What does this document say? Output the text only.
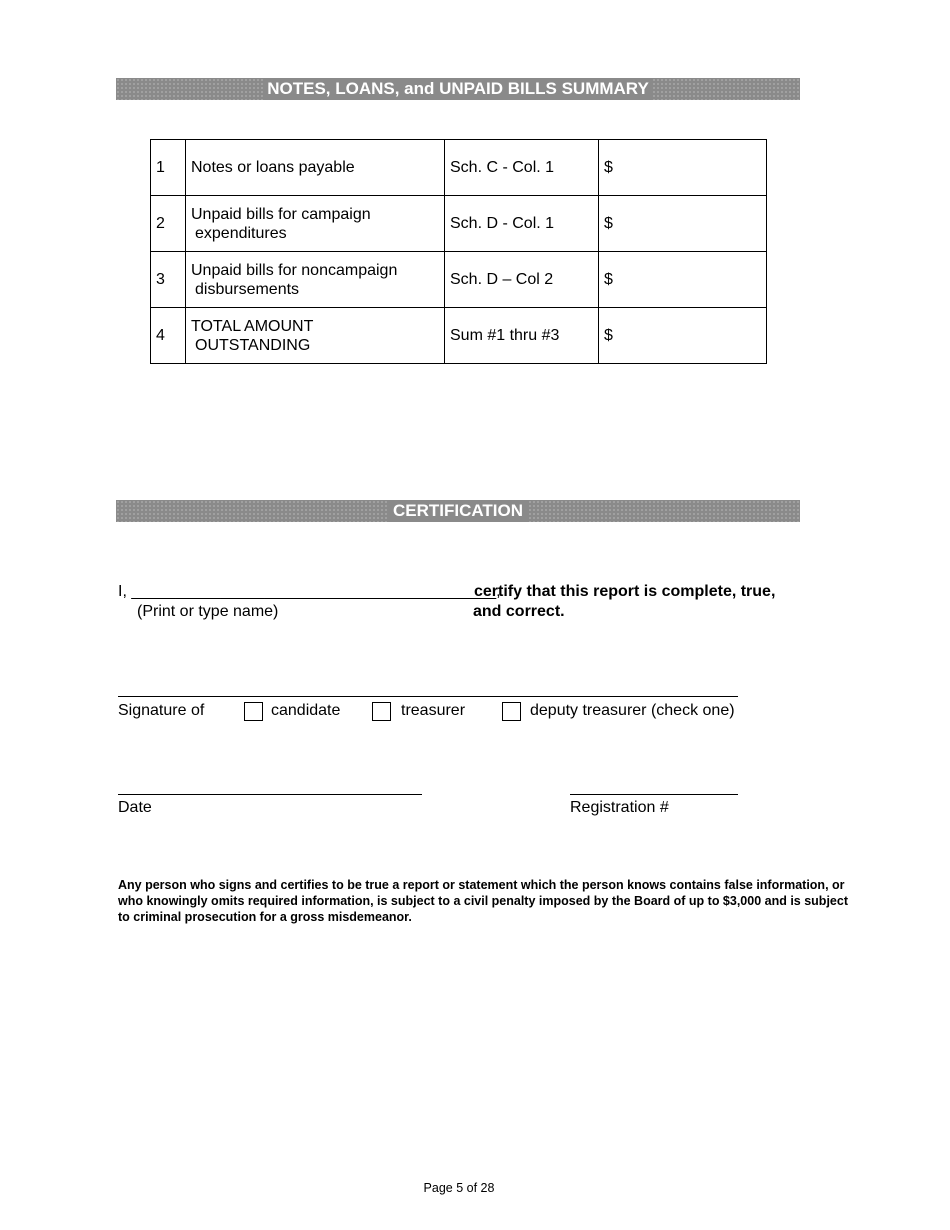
NOTES, LOANS, and UNPAID BILLS SUMMARY
1	Notes or loans payable	Sch. C - Col. 1	$
2	Unpaid bills for campaign
expenditures	Sch. D - Col. 1	$
3	Unpaid bills for noncampaign
disbursements	Sch. D – Col 2	$
4	TOTAL AMOUNT
OUTSTANDING	Sum #1 thru #3	$
CERTIFICATION
I, _________________________________________,
certify that this report is complete, true,
(Print or type name)	and correct.
Signature of	candidate	treasurer	deputy treasurer (check one)
Date	Registration #
Any person who signs and certifies to be true a report or statement which the person knows contains false information, or who knowingly omits required information, is subject to a civil penalty imposed by the Board of up to $3,000 and is subject to criminal prosecution for a gross misdemeanor.
Page 5 of 28
